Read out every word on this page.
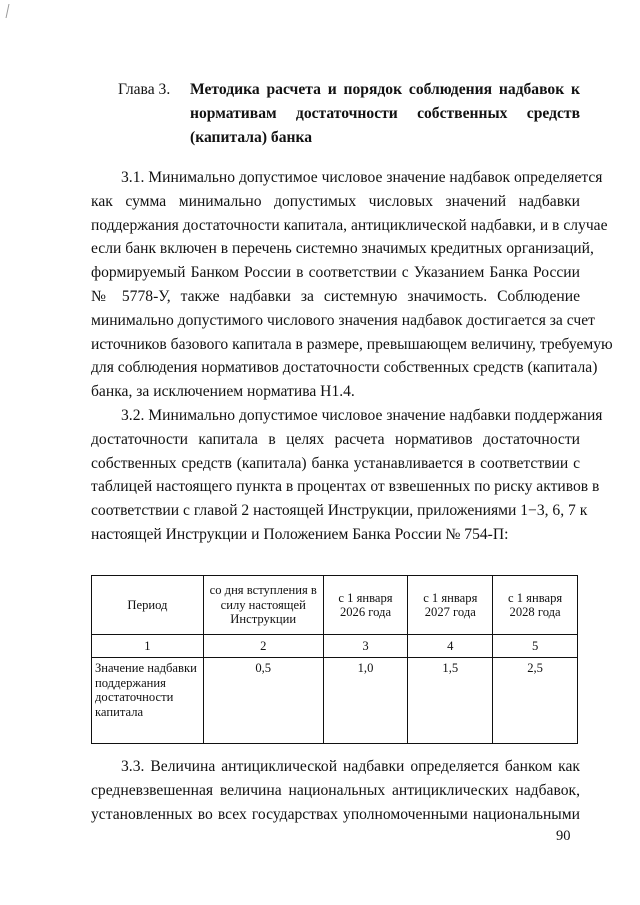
Глава 3.	Методика расчета и порядок соблюдения надбавок к
нормативам достаточности собственных средств
(капитала) банка
3.1. Минимально допустимое числовое значение надбавок определяется
как сумма минимально допустимых числовых значений надбавки
поддержания достаточности капитала, антициклической надбавки, и в случае
если банк включен в перечень системно значимых кредитных организаций,
формируемый Банком России в соответствии с Указанием Банка России
№ 5778-У, также надбавки за системную значимость. Соблюдение
минимально допустимого числового значения надбавок достигается за счет
источников базового капитала в размере, превышающем величину, требуемую
для соблюдения нормативов достаточности собственных средств (капитала)
банка, за исключением норматива Н1.4.
3.2. Минимально допустимое числовое значение надбавки поддержания
достаточности капитала в целях расчета нормативов достаточности
собственных средств (капитала) банка устанавливается в соответствии с
таблицей настоящего пункта в процентах от взвешенных по риску активов в
соответствии с главой 2 настоящей Инструкции, приложениями 1−3, 6, 7 к
настоящей Инструкции и Положением Банка России № 754-П:
Период	со дня вступления в силу настоящей Инструкции	с 1 января 2026 года	с 1 января 2027 года	с 1 января 2028 года
1	2	3	4	5
Значение надбавки поддержания достаточности капитала	0,5	1,0	1,5	2,5
3.3. Величина антициклической надбавки определяется банком как
средневзвешенная величина национальных антициклических надбавок,
установленных во всех государствах уполномоченными национальными
90
